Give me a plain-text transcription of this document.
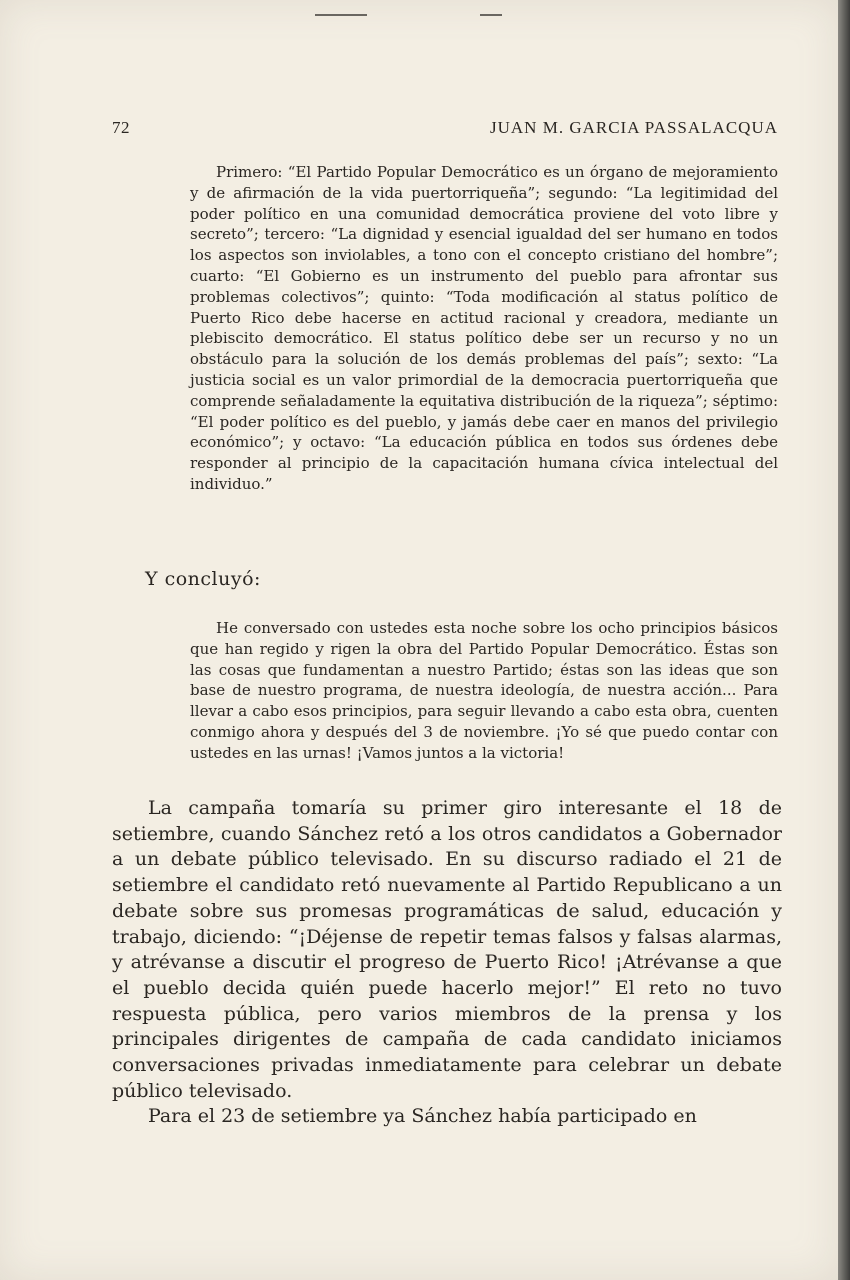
72	JUAN M. GARCIA PASSALACQUA
Primero: “El Partido Popular Democrático es un órgano de mejoramiento y de afirmación de la vida puertorriqueña”; segundo: “La legitimidad del poder político en una comunidad democrática proviene del voto libre y secreto”; tercero: “La dignidad y esencial igualdad del ser humano en todos los aspectos son inviolables, a tono con el concepto cristiano del hombre”; cuarto: “El Gobierno es un instrumento del pueblo para afrontar sus problemas colectivos”; quinto: “Toda modificación al status político de Puerto Rico debe hacerse en actitud racional y creadora, mediante un plebiscito democrático. El status político debe ser un recurso y no un obstáculo para la solución de los demás problemas del país”; sexto: “La justicia social es un valor primordial de la democracia puertorriqueña que comprende señaladamente la equitativa distribución de la riqueza”; séptimo: “El poder político es del pueblo, y jamás debe caer en manos del privilegio económico”; y octavo: “La educación pública en todos sus órdenes debe responder al principio de la capacitación humana cívica intelectual del individuo.”
Y concluyó:
He conversado con ustedes esta noche sobre los ocho principios básicos que han regido y rigen la obra del Partido Popular Democrático. Éstas son las cosas que fundamentan a nuestro Partido; éstas son las ideas que son base de nuestro programa, de nuestra ideología, de nuestra acción... Para llevar a cabo esos principios, para seguir llevando a cabo esta obra, cuenten conmigo ahora y después del 3 de noviembre. ¡Yo sé que puedo contar con ustedes en las urnas! ¡Vamos juntos a la victoria!

La campaña tomaría su primer giro interesante el 18 de setiembre, cuando Sánchez retó a los otros candidatos a Gobernador a un debate público televisado. En su discurso radiado el 21 de setiembre el candidato retó nuevamente al Partido Republicano a un debate sobre sus promesas programáticas de salud, educación y trabajo, diciendo: “¡Déjense de repetir temas falsos y falsas alarmas, y atrévanse a discutir el progreso de Puerto Rico! ¡Atrévanse a que el pueblo decida quién puede hacerlo mejor!” El reto no tuvo respuesta pública, pero varios miembros de la prensa y los principales dirigentes de campaña de cada candidato iniciamos conversaciones privadas inmediatamente para celebrar un debate público televisado.

Para el 23 de setiembre ya Sánchez había participado en
